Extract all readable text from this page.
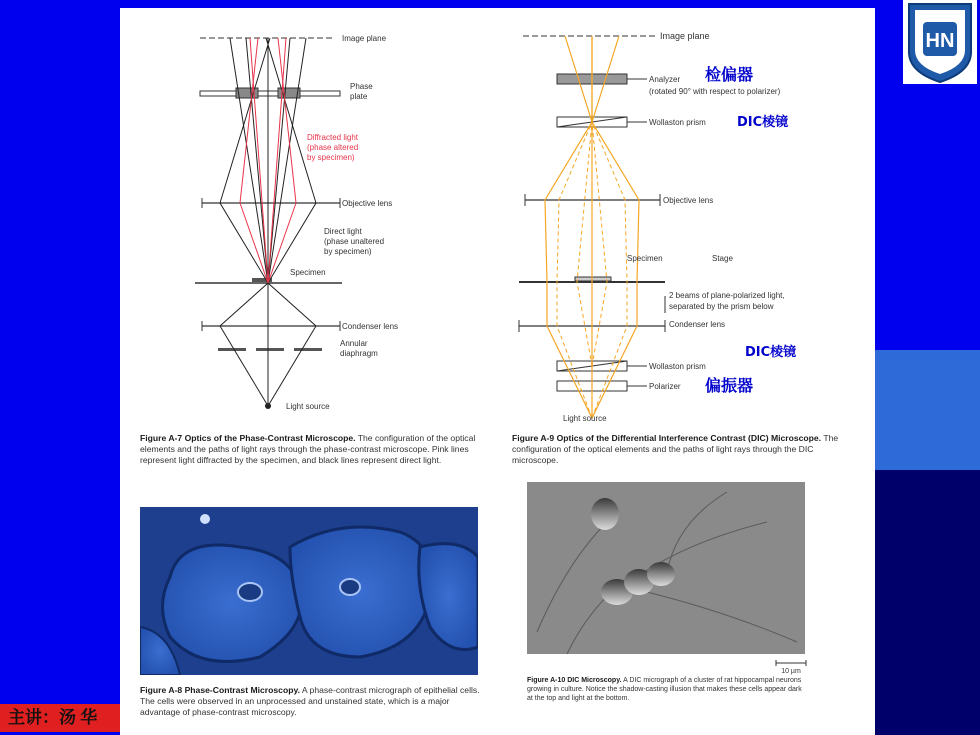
HN
Image plane
Phase
plate
Diffracted light
(phase altered
by specimen)
Objective lens
Direct light
(phase unaltered
by specimen)
Specimen
Condenser lens
Annular
diaphragm
Light source
Image plane
Analyzer
(rotated 90° with respect to polarizer)
检偏器
Wollaston prism DIC棱镜
Objective lens
Specimen	Stage
2 beams of plane-polarized light,
separated by the prism below
Condenser lens
DIC棱镜
Wollaston prism
Polarizer 偏振器
Light source
Figure A-7 Optics of the Phase-Contrast Microscope. The configuration of the optical elements and the paths of light rays through the phase-contrast microscope. Pink lines represent light diffracted by the specimen, and black lines represent direct light.
Figure A-9 Optics of the Differential Interference Contrast (DIC) Microscope. The configuration of the optical elements and the paths of light rays through the DIC microscope.
Figure A-8 Phase-Contrast Microscopy. A phase-contrast micrograph of epithelial cells. The cells were observed in an unprocessed and unstained state, which is a major advantage of phase-contrast microscopy.
10 µm
Figure A-10 DIC Microscopy. A DIC micrograph of a cluster of rat hippocampal neurons growing in culture. Notice the shadow-casting illusion that makes these cells appear dark at the top and light at the bottom.
主讲：汤 华
